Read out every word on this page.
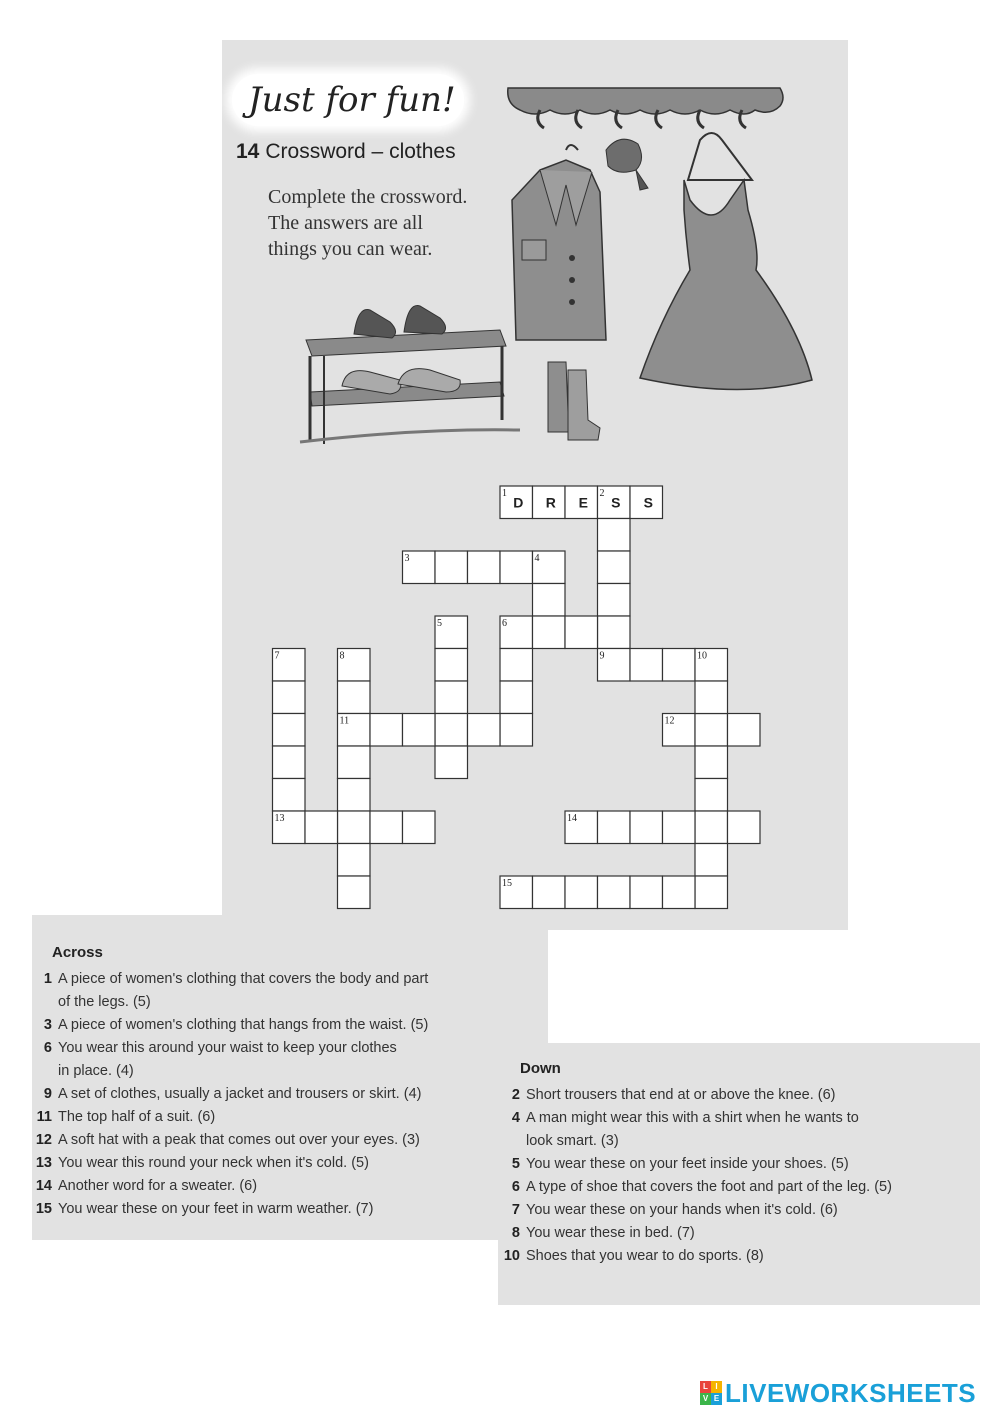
Just for fun!
14 Crossword – clothes
Complete the crossword.
The answers are all
things you can wear.
1	2
3	4
5	6
7	8	9	10
11	12
13	14
15
D R E S S
Across
1 A piece of women's clothing that covers the body and part
of the legs. (5)
3 A piece of women's clothing that hangs from the waist. (5)
6 You wear this around your waist to keep your clothes
in place. (4)
9 A set of clothes, usually a jacket and trousers or skirt. (4)
11 The top half of a suit. (6)
12 A soft hat with a peak that comes out over your eyes. (3)
13 You wear this round your neck when it's cold. (5)
14 Another word for a sweater. (6)
15 You wear these on your feet in warm weather. (7)
Down
2 Short trousers that end at or above the knee. (6)
4 A man might wear this with a shirt when he wants to
look smart. (3)
5 You wear these on your feet inside your shoes. (5)
6 A type of shoe that covers the foot and part of the leg. (5)
7 You wear these on your hands when it's cold. (6)
8 You wear these in bed. (7)
10 Shoes that you wear to do sports. (8)
L I
V E LIVEWORKSHEETS
